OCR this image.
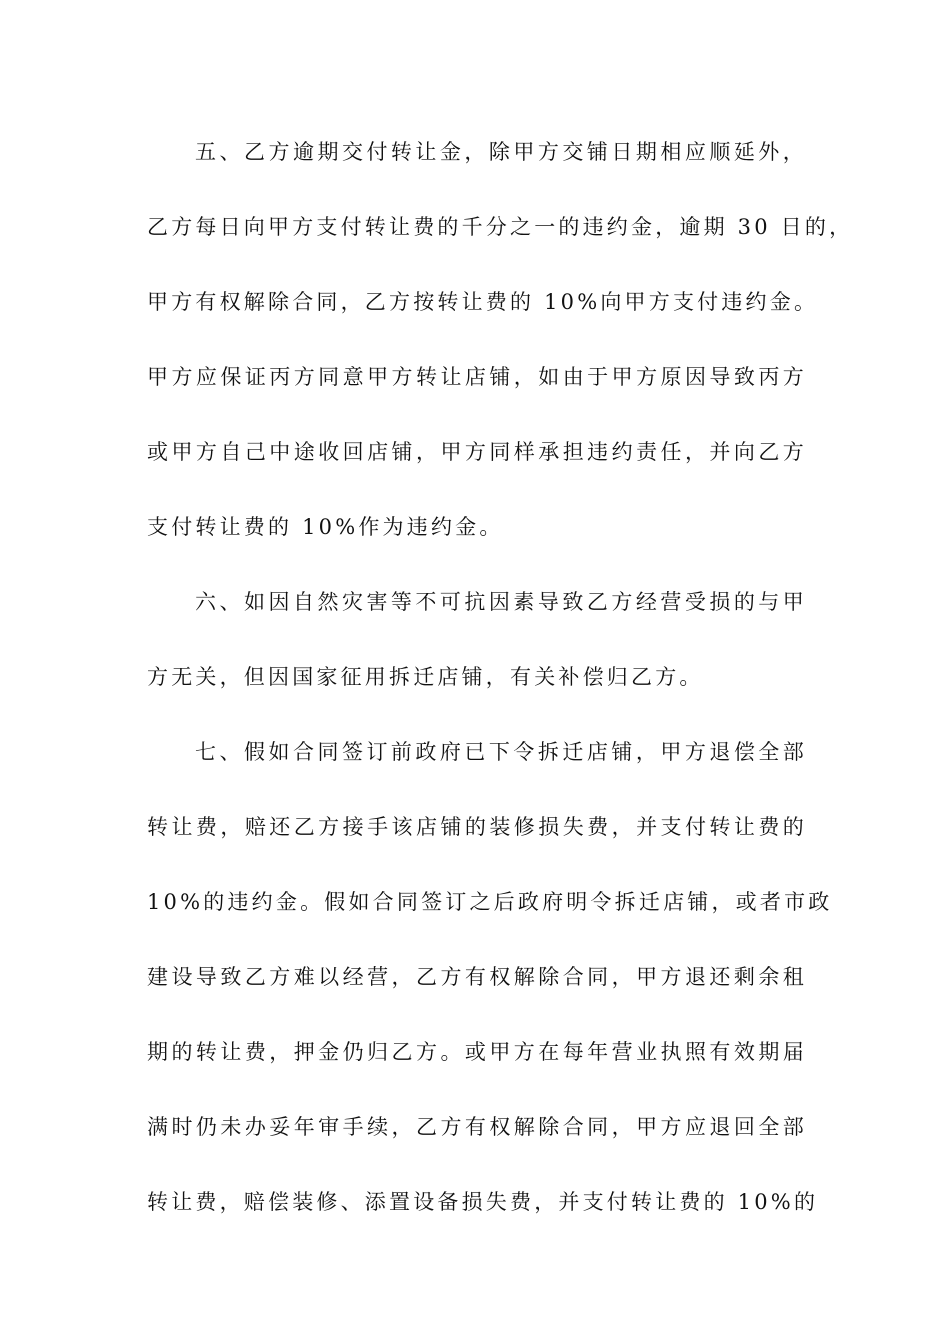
五、乙方逾期交付转让金，除甲方交铺日期相应顺延外，
乙方每日向甲方支付转让费的千分之一的违约金，逾期 30 日的，
甲方有权解除合同，乙方按转让费的 10%向甲方支付违约金。
甲方应保证丙方同意甲方转让店铺，如由于甲方原因导致丙方
或甲方自己中途收回店铺，甲方同样承担违约责任，并向乙方
支付转让费的 10%作为违约金。
六、如因自然灾害等不可抗因素导致乙方经营受损的与甲
方无关，但因国家征用拆迁店铺，有关补偿归乙方。
七、假如合同签订前政府已下令拆迁店铺，甲方退偿全部
转让费，赔还乙方接手该店铺的装修损失费，并支付转让费的
10%的违约金。假如合同签订之后政府明令拆迁店铺，或者市政
建设导致乙方难以经营，乙方有权解除合同，甲方退还剩余租
期的转让费，押金仍归乙方。或甲方在每年营业执照有效期届
满时仍未办妥年审手续，乙方有权解除合同，甲方应退回全部
转让费，赔偿装修、添置设备损失费，并支付转让费的 10%的
